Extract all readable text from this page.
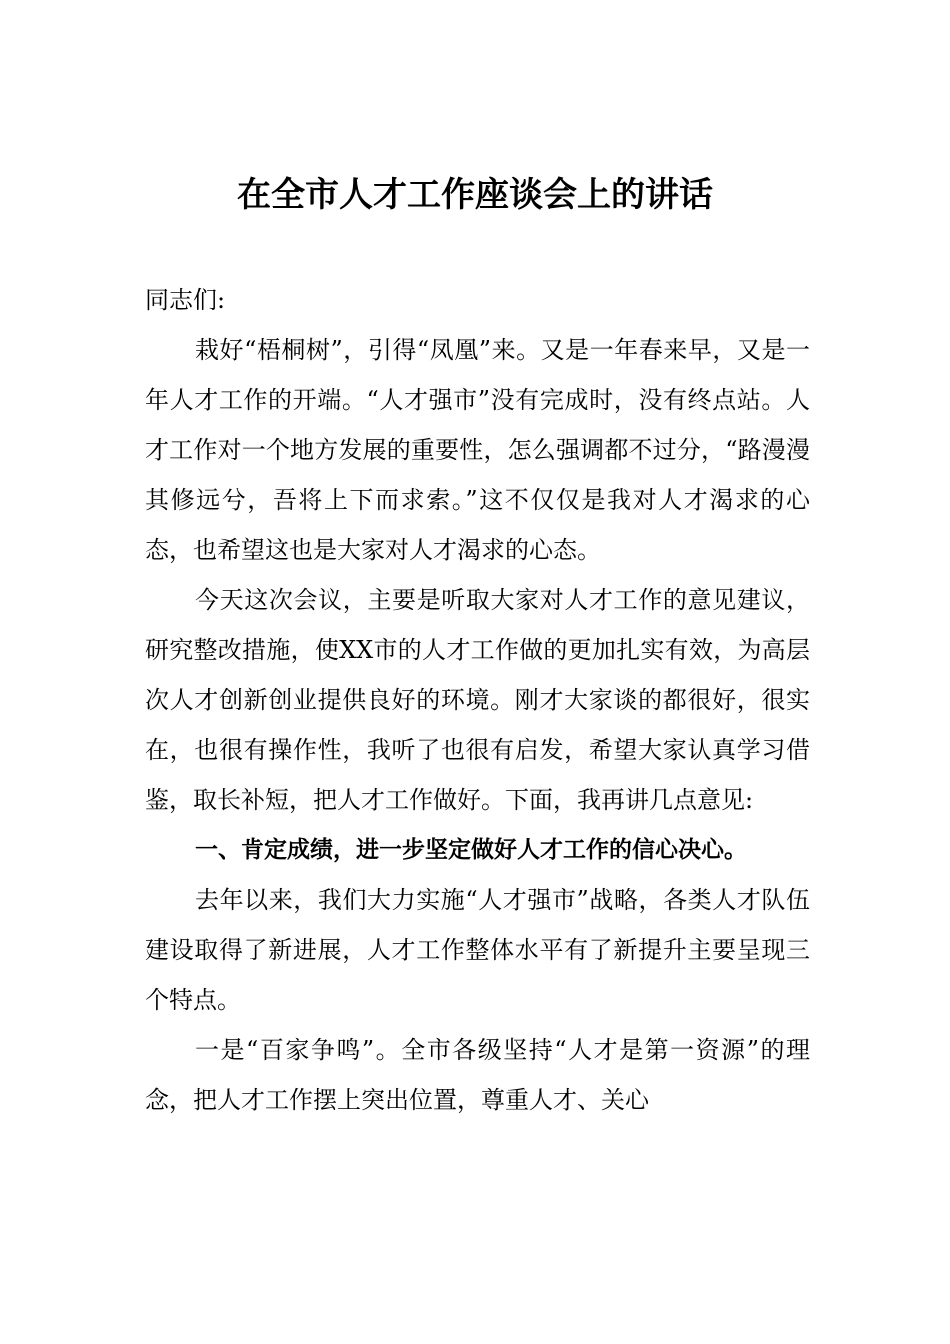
在全市人才工作座谈会上的讲话

同志们:

栽好“梧桐树”，引得“凤凰”来。又是一年春来早，又是一年人才工作的开端。“人才强市”没有完成时，没有终点站。人才工作对一个地方发展的重要性，怎么强调都不过分，“路漫漫其修远兮，吾将上下而求索。”这不仅仅是我对人才渴求的心态，也希望这也是大家对人才渴求的心态。

今天这次会议，主要是听取大家对人才工作的意见建议，研究整改措施，使XX市的人才工作做的更加扎实有效，为高层次人才创新创业提供良好的环境。刚才大家谈的都很好，很实在，也很有操作性，我听了也很有启发，希望大家认真学习借鉴，取长补短，把人才工作做好。下面，我再讲几点意见:

一、肯定成绩，进一步坚定做好人才工作的信心决心。

去年以来，我们大力实施“人才强市”战略，各类人才队伍建设取得了新进展，人才工作整体水平有了新提升主要呈现三个特点。

一是“百家争鸣”。全市各级坚持“人才是第一资源”的理念，把人才工作摆上突出位置，尊重人才、关心
